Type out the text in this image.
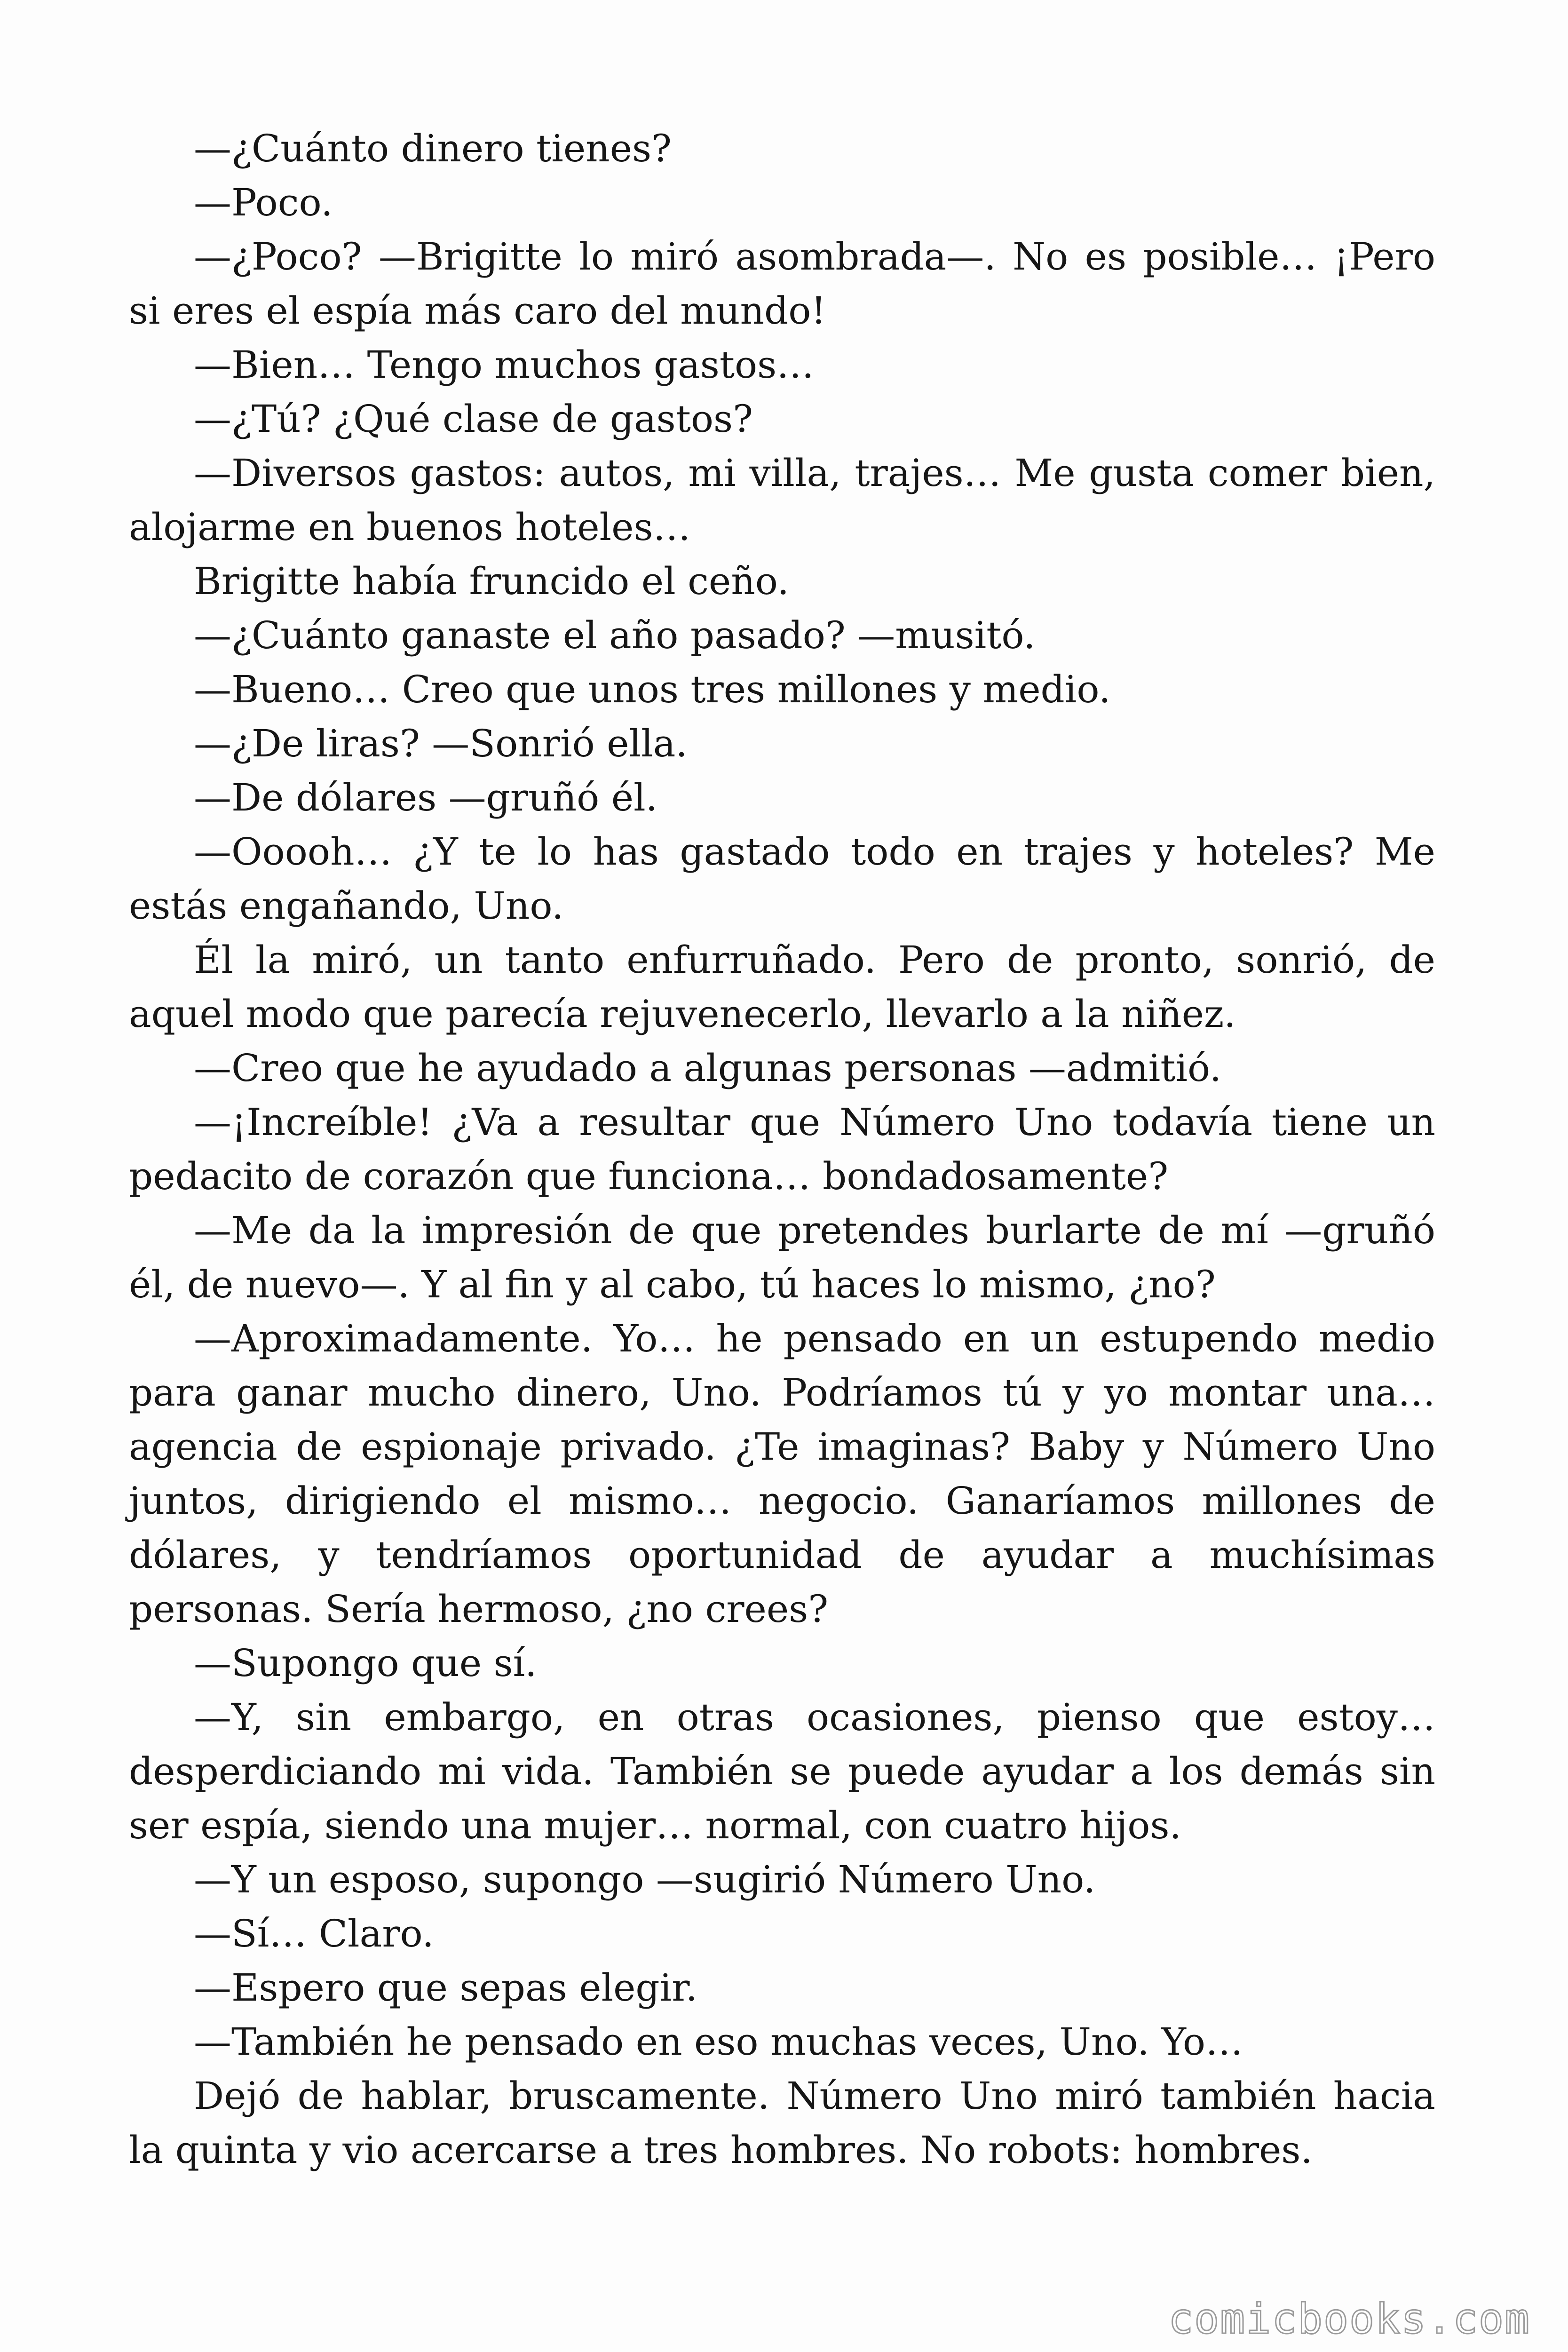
—¿Cuánto dinero tienes?

—Poco.

—¿Poco? —Brigitte lo miró asombrada—. No es posible… ¡Pero si eres el espía más caro del mundo!

—Bien… Tengo muchos gastos…

—¿Tú? ¿Qué clase de gastos?

—Diversos gastos: autos, mi villa, trajes… Me gusta comer bien, alojarme en buenos hoteles…

Brigitte había fruncido el ceño.

—¿Cuánto ganaste el año pasado? —musitó.

—Bueno… Creo que unos tres millones y medio.

—¿De liras? —Sonrió ella.

—De dólares —gruñó él.

—Ooooh… ¿Y te lo has gastado todo en trajes y hoteles? Me estás engañando, Uno.

Él la miró, un tanto enfurruñado. Pero de pronto, sonrió, de aquel modo que parecía rejuvenecerlo, llevarlo a la niñez.

—Creo que he ayudado a algunas personas —admitió.

—¡Increíble! ¿Va a resultar que Número Uno todavía tiene un pedacito de corazón que funciona… bondadosamente?

—Me da la impresión de que pretendes burlarte de mí —gruñó él, de nuevo—. Y al fin y al cabo, tú haces lo mismo, ¿no?

—Aproximadamente. Yo… he pensado en un estupendo medio para ganar mucho dinero, Uno. Podríamos tú y yo montar una… agencia de espionaje privado. ¿Te imaginas? Baby y Número Uno juntos, dirigiendo el mismo… negocio. Ganaríamos millones de dólares, y tendríamos oportunidad de ayudar a muchísimas personas. Sería hermoso, ¿no crees?

—Supongo que sí.

—Y, sin embargo, en otras ocasiones, pienso que estoy… desperdiciando mi vida. También se puede ayudar a los demás sin ser espía, siendo una mujer… normal, con cuatro hijos.

—Y un esposo, supongo —sugirió Número Uno.

—Sí… Claro.

—Espero que sepas elegir.

—También he pensado en eso muchas veces, Uno. Yo…

Dejó de hablar, bruscamente. Número Uno miró también hacia la quinta y vio acercarse a tres hombres. No robots: hombres.

comicbooks.com
